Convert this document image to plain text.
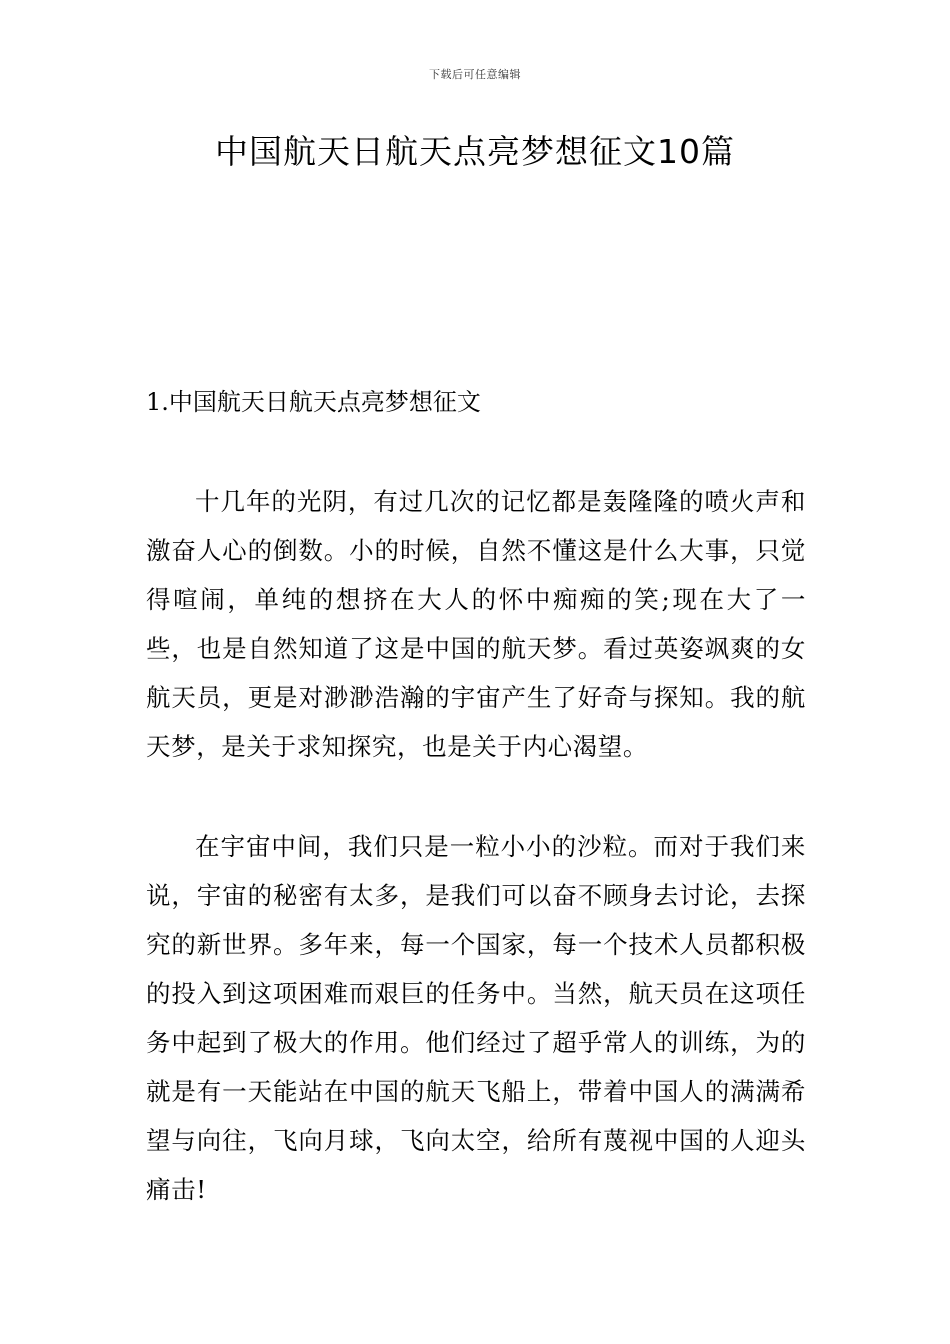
下载后可任意编辑
中国航天日航天点亮梦想征文10篇
1.中国航天日航天点亮梦想征文

十几年的光阴，有过几次的记忆都是轰隆隆的喷火声和激奋人心的倒数。小的时候，自然不懂这是什么大事，只觉得喧闹，单纯的想挤在大人的怀中痴痴的笑;现在大了一些，也是自然知道了这是中国的航天梦。看过英姿飒爽的女航天员，更是对渺渺浩瀚的宇宙产生了好奇与探知。我的航天梦，是关于求知探究，也是关于内心渴望。

在宇宙中间，我们只是一粒小小的沙粒。而对于我们来说，宇宙的秘密有太多，是我们可以奋不顾身去讨论，去探究的新世界。多年来，每一个国家，每一个技术人员都积极的投入到这项困难而艰巨的任务中。当然，航天员在这项任务中起到了极大的作用。他们经过了超乎常人的训练，为的就是有一天能站在中国的航天飞船上，带着中国人的满满希望与向往，飞向月球，飞向太空，给所有蔑视中国的人迎头痛击!
